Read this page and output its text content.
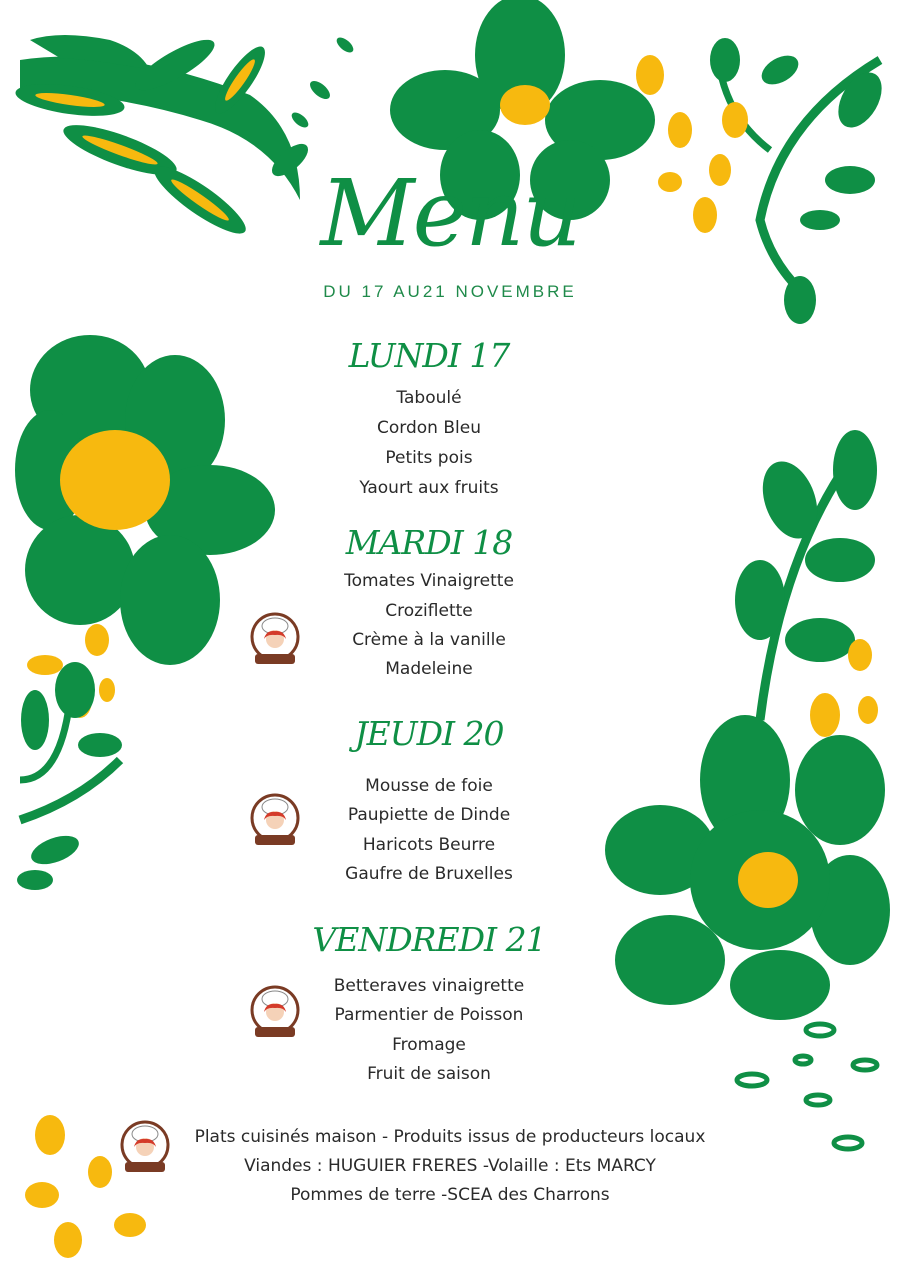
Menu
DU 17 AU21 NOVEMBRE
LUNDI 17
Taboulé
Cordon Bleu
Petits pois
Yaourt aux fruits
MARDI 18
Tomates Vinaigrette
Croziflette
Crème à la vanille
Madeleine
JEUDI 20
Mousse de foie
Paupiette de Dinde
Haricots Beurre
Gaufre de Bruxelles
VENDREDI 21
Betteraves vinaigrette
Parmentier de Poisson
Fromage
Fruit de saison
Plats cuisinés maison - Produits issus de producteurs locaux
Viandes : HUGUIER FRERES -Volaille : Ets MARCY
Pommes de terre -SCEA des Charrons
